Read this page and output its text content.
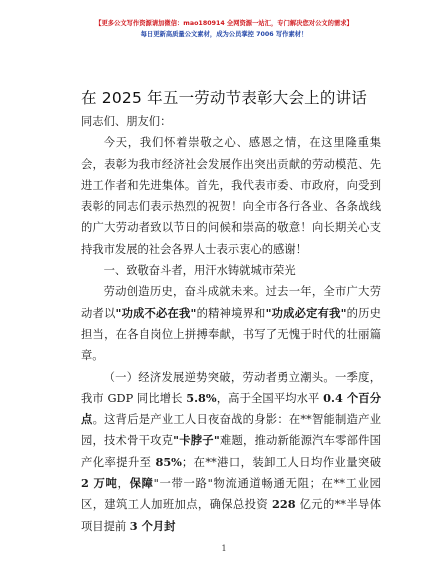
【更多公文写作资源请加微信：mao180914 全网资源一站汇，专门解决您对公文的需求】
每日更新高质量公文素材，成为公员掌控 7006 写作素材！
在 2025 年五一劳动节表彰大会上的讲话

同志们、朋友们：

今天，我们怀着崇敬之心、感恩之情，在这里隆重集会，表彰为我市经济社会发展作出突出贡献的劳动模范、先进工作者和先进集体。首先，我代表市委、市政府，向受到表彰的同志们表示热烈的祝贺！向全市各行各业、各条战线的广大劳动者致以节日的问候和崇高的敬意！向长期关心支持我市发展的社会各界人士表示衷心的感谢！

一、致敬奋斗者，用汗水铸就城市荣光

劳动创造历史，奋斗成就未来。过去一年，全市广大劳动者以"功成不必在我"的精神境界和"功成必定有我"的历史担当，在各自岗位上拼搏奉献，书写了无愧于时代的壮丽篇章。

（一）经济发展逆势突破，劳动者勇立潮头。一季度，我市 GDP 同比增长 5.8%，高于全国平均水平 0.4 个百分点。这背后是产业工人日夜奋战的身影：在**智能制造产业园，技术骨干攻克"卡脖子"难题，推动新能源汽车零部件国产化率提升至 85%；在**港口，装卸工人日均作业量突破 2 万吨，保障"一带一路"物流通道畅通无阻；在**工业园区，建筑工人加班加点，确保总投资 228 亿元的**半导体项目提前 3 个月封

1
